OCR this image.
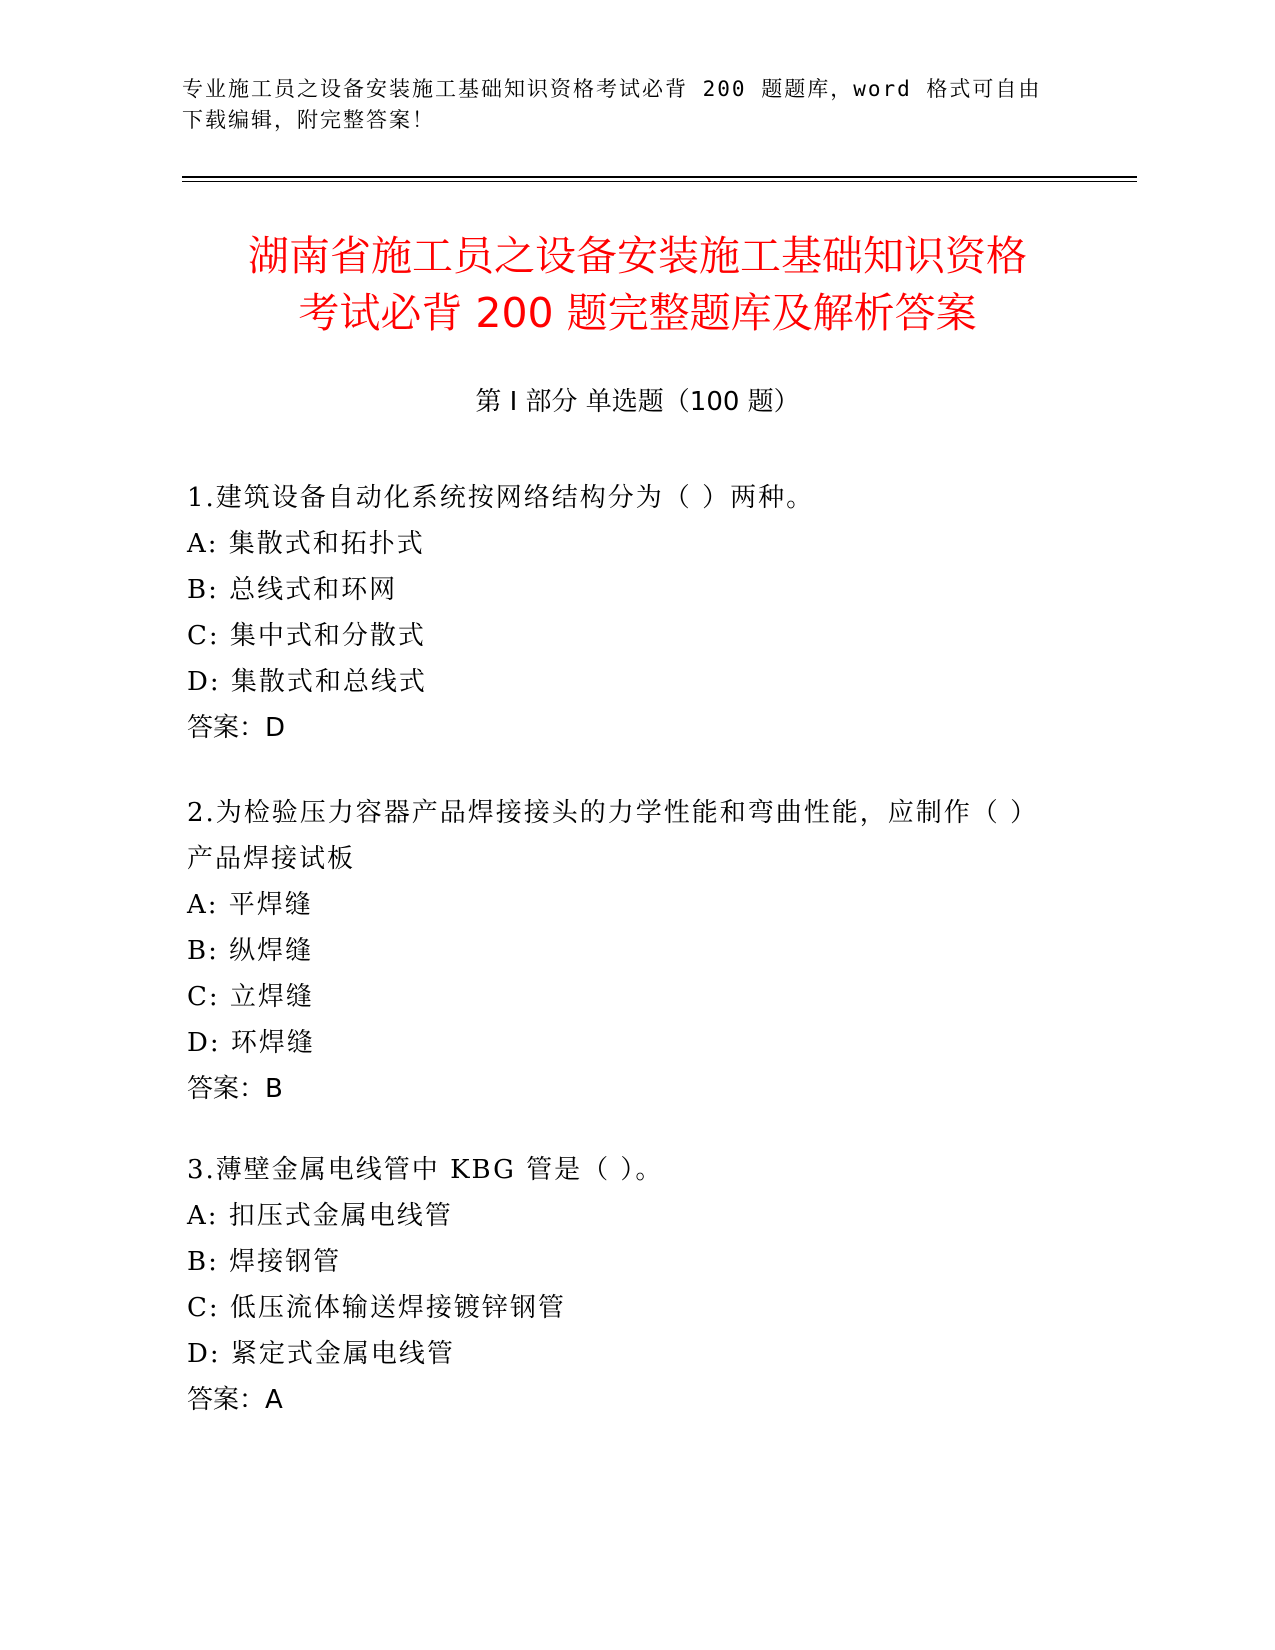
专业施工员之设备安装施工基础知识资格考试必背 200 题题库，word 格式可自由
下载编辑，附完整答案！
湖南省施工员之设备安装施工基础知识资格
考试必背 200 题完整题库及解析答案
第 I 部分 单选题（100 题）

1.建筑设备自动化系统按网络结构分为（ ）两种。

A: 集散式和拓扑式

B: 总线式和环网

C: 集中式和分散式

D: 集散式和总线式

答案：D

2.为检验压力容器产品焊接接头的力学性能和弯曲性能，应制作（ ）

产品焊接试板

A: 平焊缝

B: 纵焊缝

C: 立焊缝

D: 环焊缝

答案：B

3.薄壁金属电线管中 KBG 管是（ ）。

A: 扣压式金属电线管

B: 焊接钢管

C: 低压流体输送焊接镀锌钢管

D: 紧定式金属电线管

答案：A
